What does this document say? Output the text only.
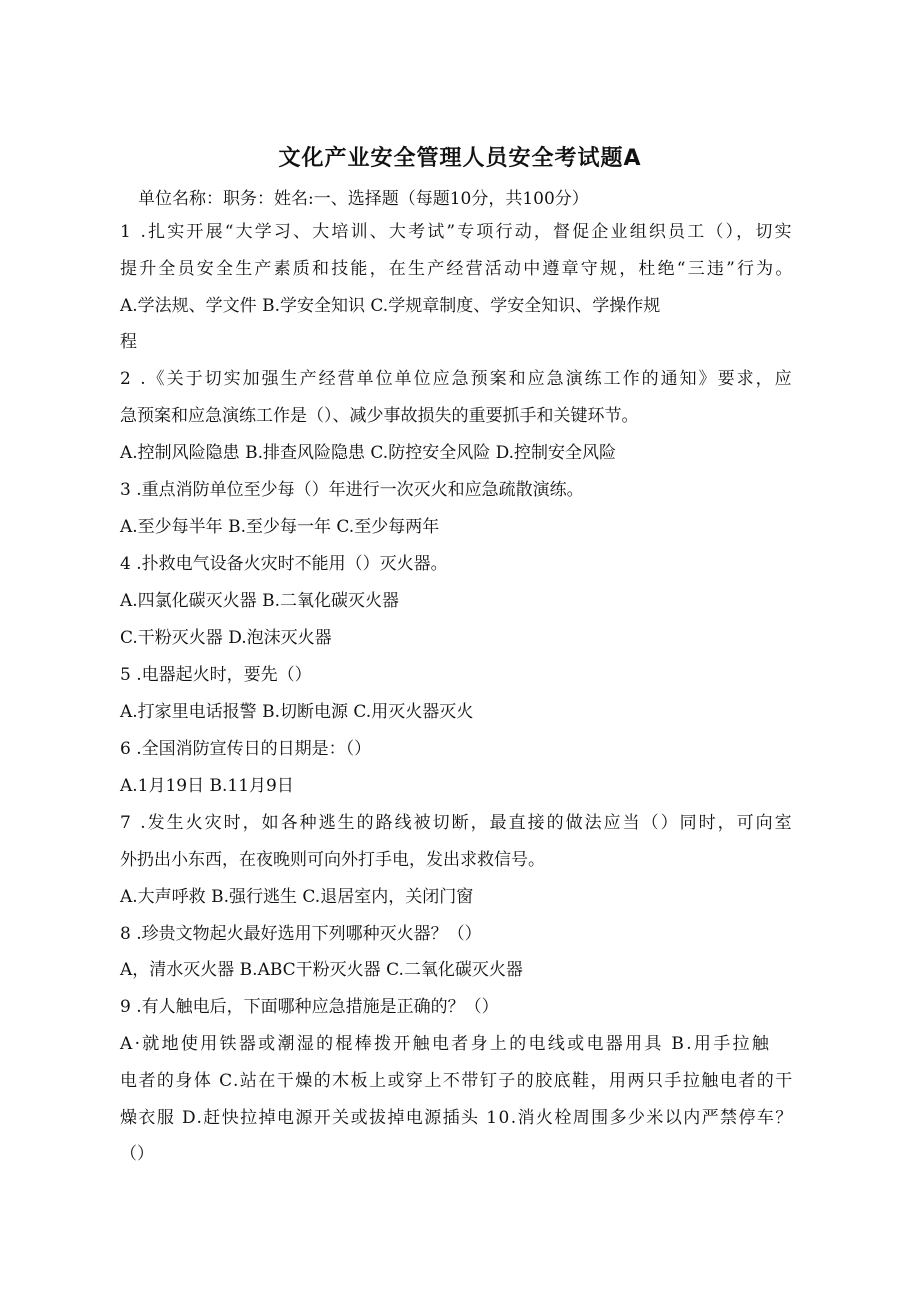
文化产业安全管理人员安全考试题A
单位名称：职务：姓名:一、选择题（每题10分，共100分）
1 .扎实开展“大学习、大培训、大考试”专项行动，督促企业组织员工（），切实
提升全员安全生产素质和技能，在生产经营活动中遵章守规，杜绝“三违”行为。
A.学法规、学文件 B.学安全知识 C.学规章制度、学安全知识、学操作规
程
2 .《关于切实加强生产经营单位单位应急预案和应急演练工作的通知》要求，应
急预案和应急演练工作是（）、减少事故损失的重要抓手和关键环节。
A.控制风险隐患 B.排查风险隐患 C.防控安全风险 D.控制安全风险
3 .重点消防单位至少每（）年进行一次灭火和应急疏散演练。
A.至少每半年 B.至少每一年 C.至少每两年
4 .扑救电气设备火灾时不能用（）灭火器。
A.四氯化碳灭火器 B.二氧化碳灭火器
C.干粉灭火器 D.泡沫灭火器
5 .电器起火时，要先（）
A.打家里电话报警 B.切断电源 C.用灭火器灭火
6 .全国消防宣传日的日期是：（）
A.1月19日 B.11月9日
7 .发生火灾时，如各种逃生的路线被切断，最直接的做法应当（）同时，可向室
外扔出小东西，在夜晚则可向外打手电，发出求救信号。
A.大声呼救 B.强行逃生 C.退居室内，关闭门窗
8 .珍贵文物起火最好选用下列哪种灭火器？（）
A，清水灭火器 B.ABC干粉灭火器 C.二氧化碳灭火器
9 .有人触电后，下面哪种应急措施是正确的？（）
A·就地使用铁器或潮湿的棍棒拨开触电者身上的电线或电器用具 B.用手拉触
电者的身体 C.站在干燥的木板上或穿上不带钉子的胶底鞋，用两只手拉触电者的干
燥衣服 D.赶快拉掉电源开关或拔掉电源插头 10.消火栓周围多少米以内严禁停车？
（）
